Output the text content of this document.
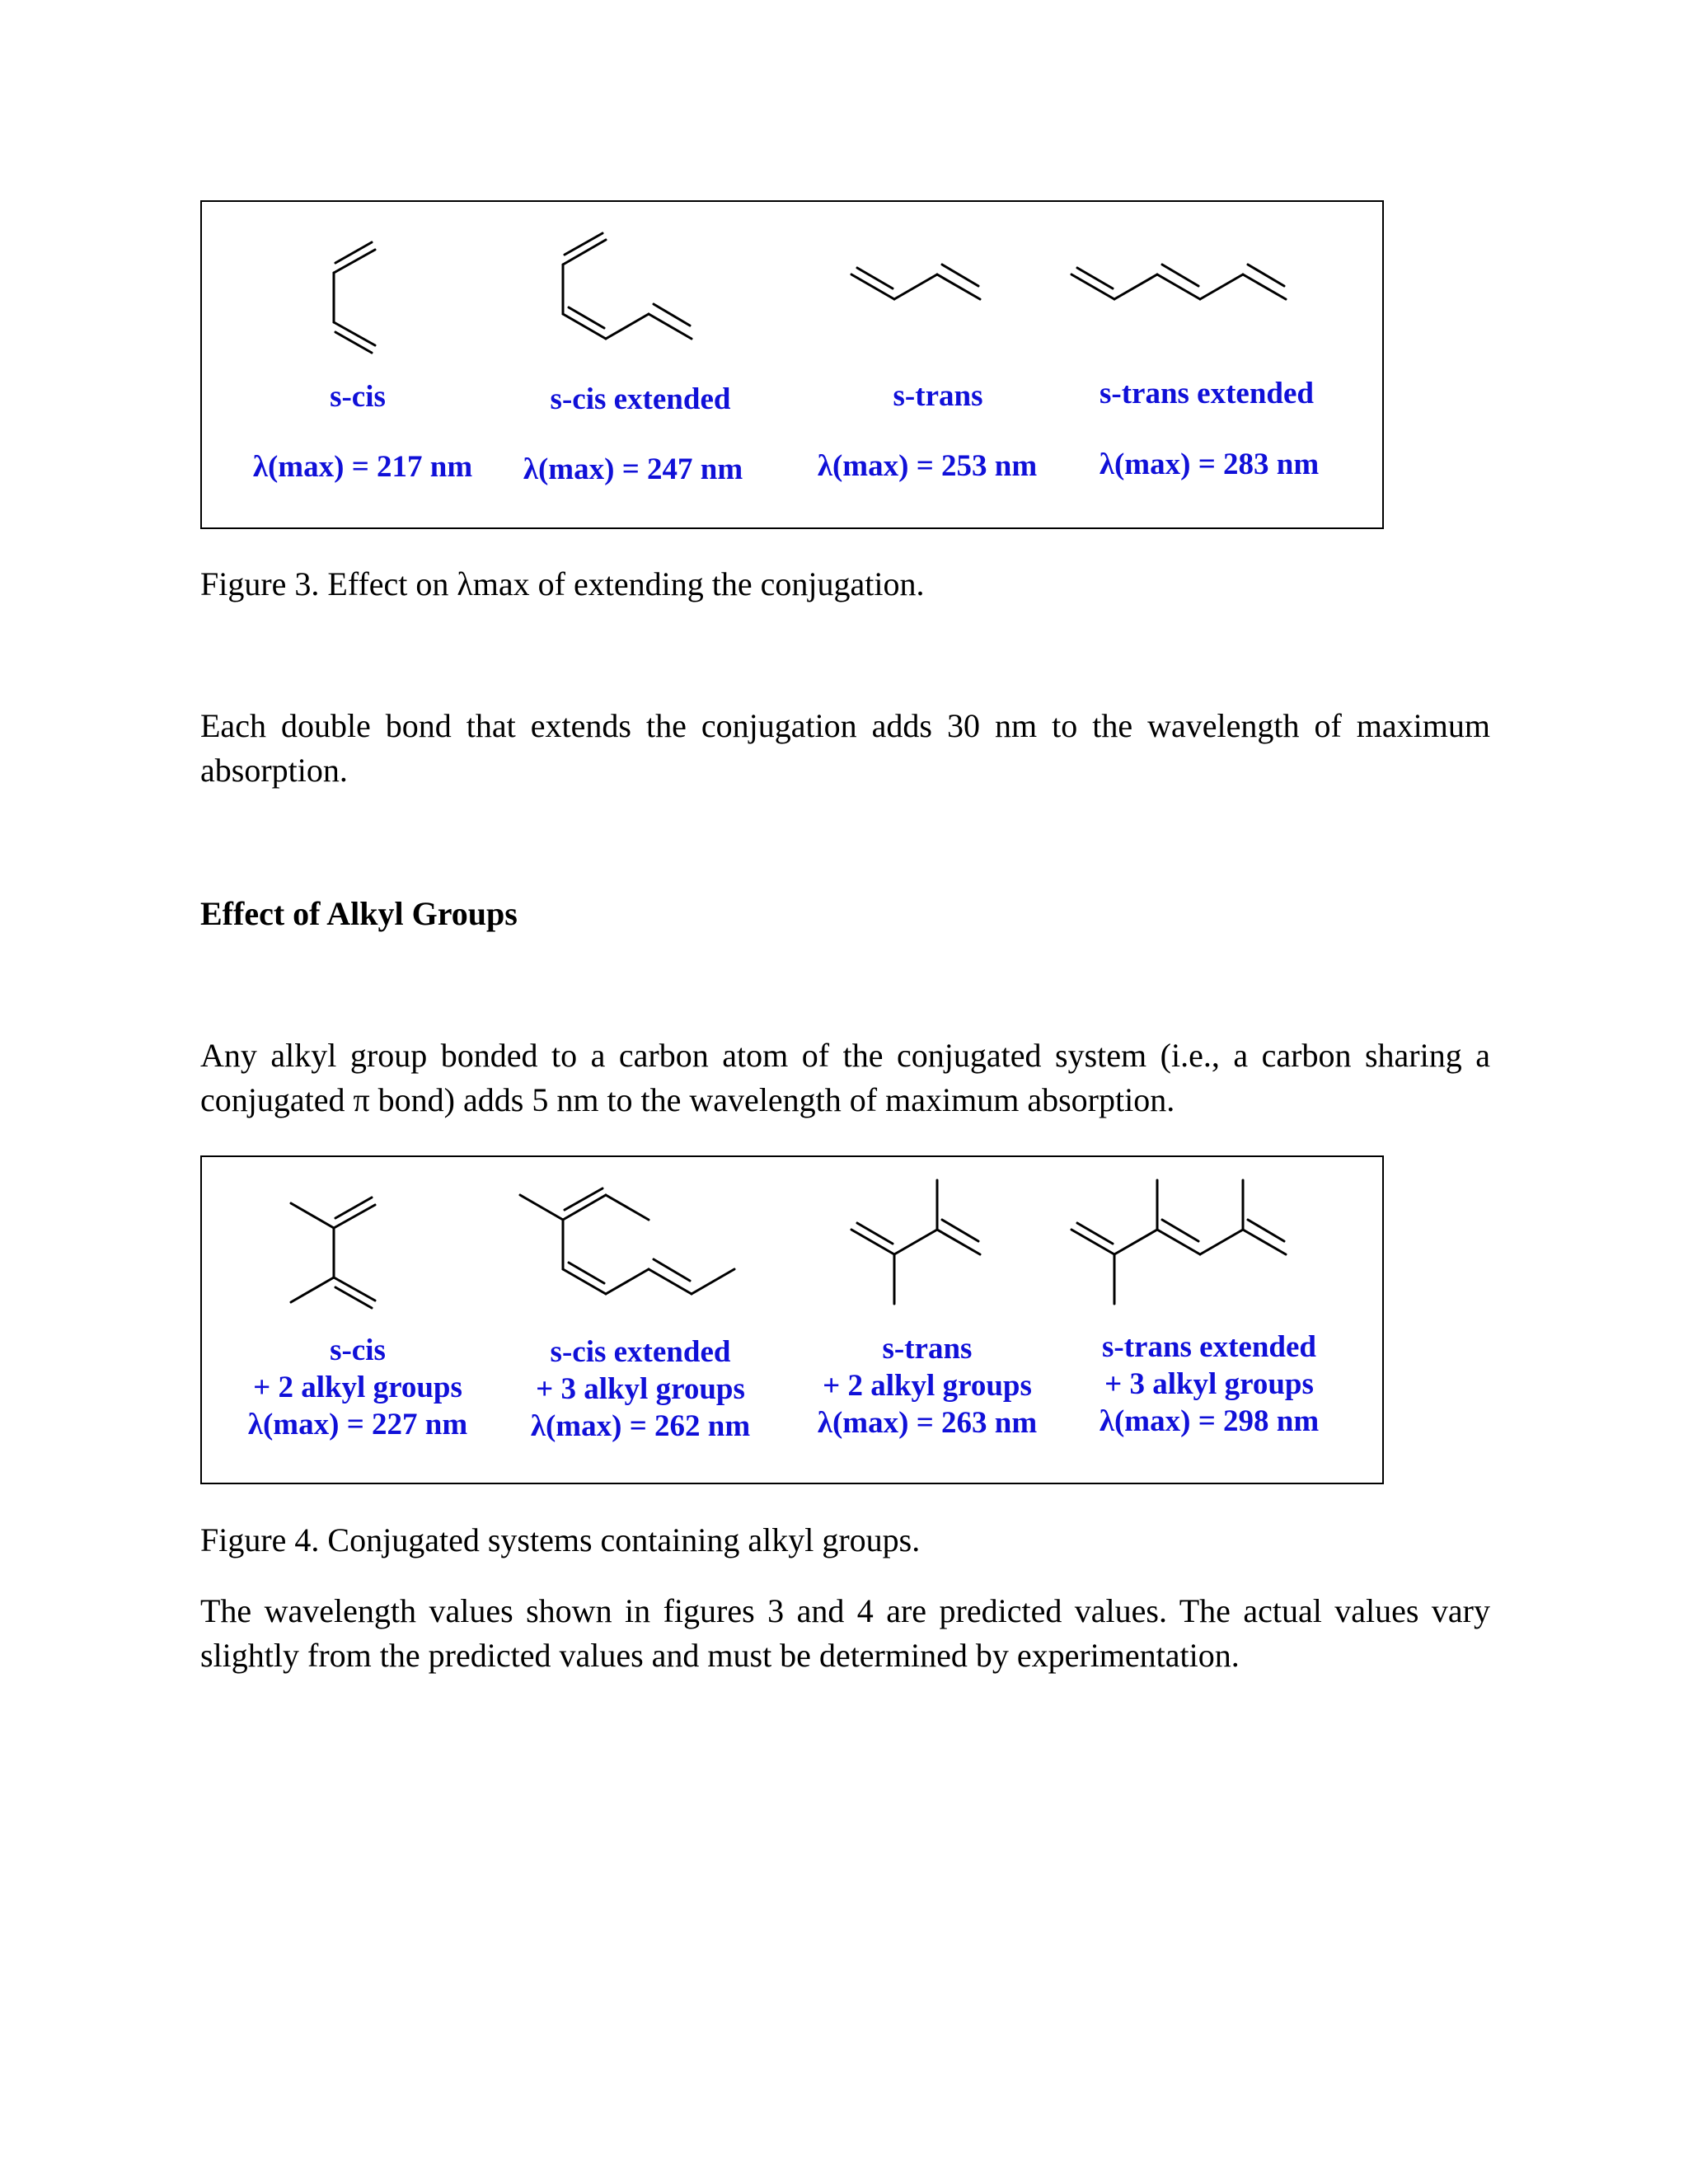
s-cis	s-cis extended	s-trans	s-trans extended
λ(max) = 217 nm λ(max) = 247 nm λ(max) = 253 nm λ(max) = 283 nm

Figure 3. Effect on λmax of extending the conjugation.

Each double bond that extends the conjugation adds 30 nm to the wavelength of maximum absorption.

Effect of Alkyl Groups

Any alkyl group bonded to a carbon atom of the conjugated system (i.e., a carbon sharing a conjugated π bond) adds 5 nm to the wavelength of maximum absorption.

s-cis
+ 2 alkyl groups
λ(max) = 227 nm
s-cis extended
+ 3 alkyl groups
λ(max) = 262 nm
s-trans
+ 2 alkyl groups
λ(max) = 263 nm
s-trans extended
+ 3 alkyl groups
λ(max) = 298 nm

Figure 4. Conjugated systems containing alkyl groups.

The wavelength values shown in figures 3 and 4 are predicted values. The actual values vary slightly from the predicted values and must be determined by experimentation.
